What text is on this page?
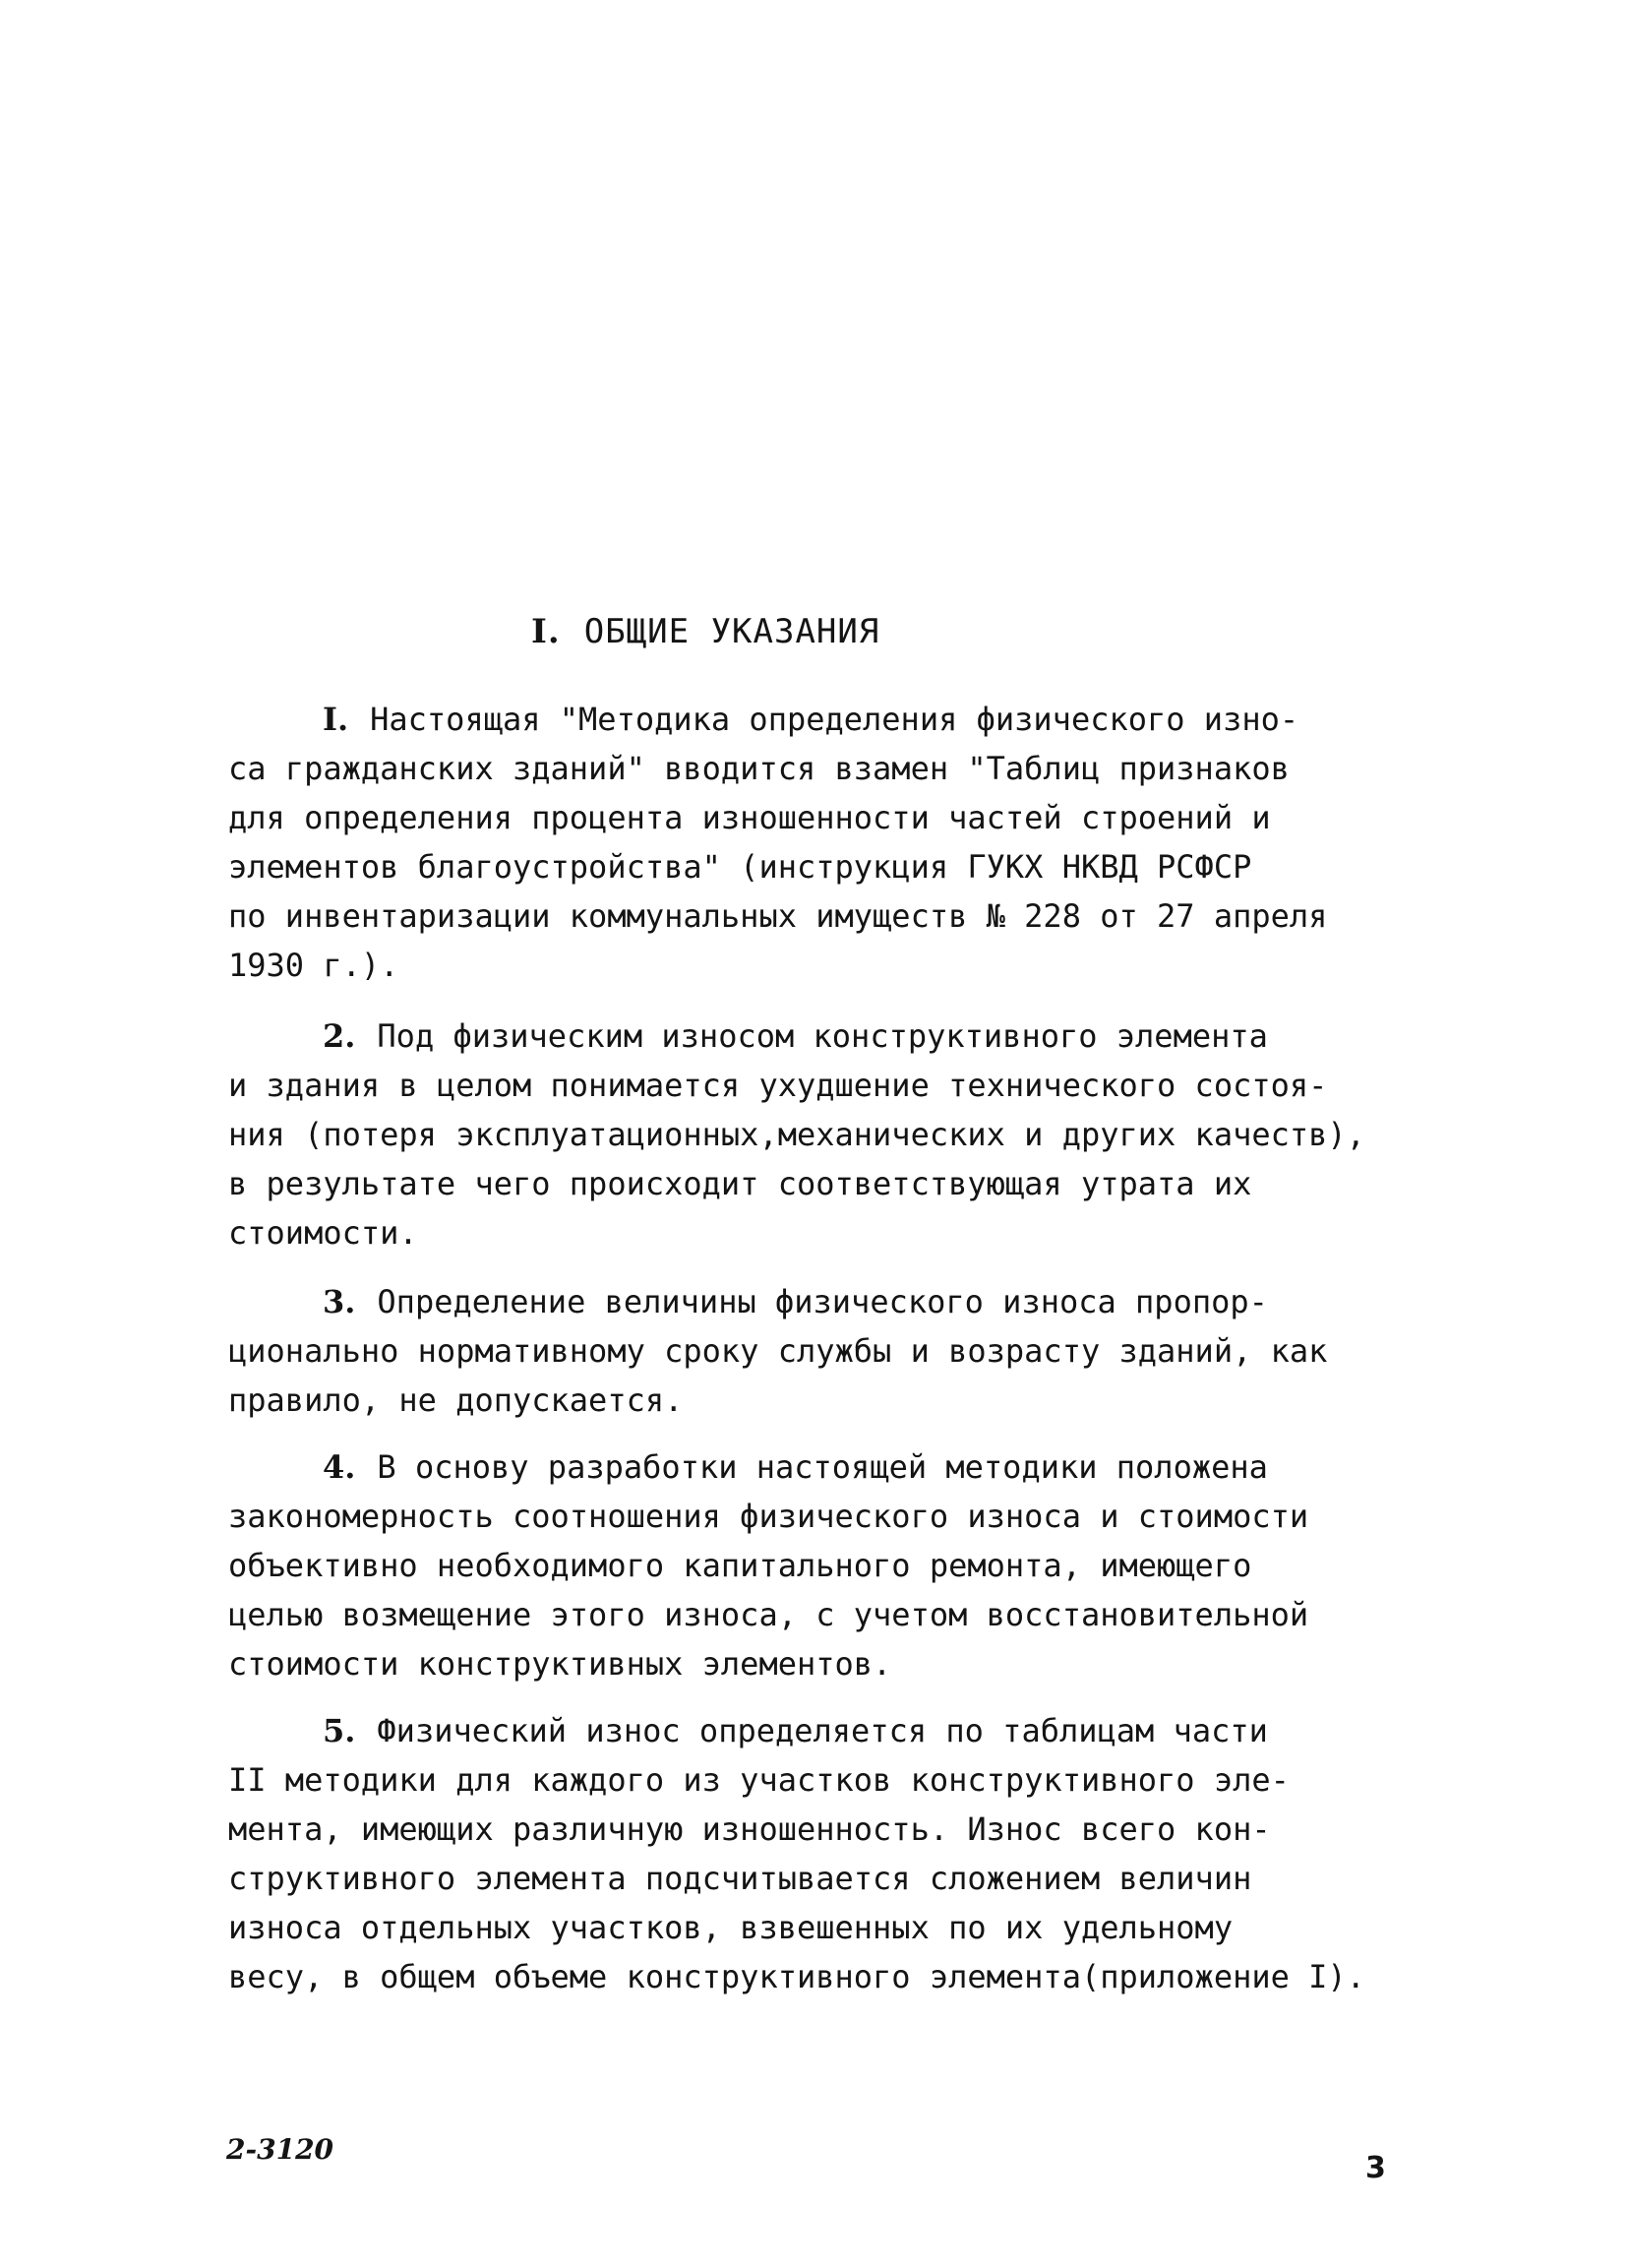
I. ОБЩИЕ УКАЗАНИЯ
I. Настоящая "Методика определения физического изно-
са гражданских зданий" вводится взамен "Таблиц признаков
для определения процента изношенности частей строений и
элементов благоустройства" (инструкция ГУКХ НКВД РСФСР
по инвентаризации коммунальных имуществ № 228 от 27 апреля
1930 г.).
2. Под физическим износом конструктивного элемента
и здания в целом понимается ухудшение технического состоя-
ния (потеря эксплуатационных,механических и других качеств),
в результате чего происходит соответствующая утрата их
стоимости.
3. Определение величины физического износа пропор-
ционально нормативному сроку службы и возрасту зданий, как
правило, не допускается.
4. В основу разработки настоящей методики положена
закономерность соотношения физического износа и стоимости
объективно необходимого капитального ремонта, имеющего
целью возмещение этого износа, с учетом восстановительной
стоимости конструктивных элементов.
5. Физический износ определяется по таблицам части
II методики для каждого из участков конструктивного эле-
мента, имеющих различную изношенность. Износ всего кон-
структивного элемента подсчитывается сложением величин
износа отдельных участков, взвешенных по их удельному
весу, в общем объеме конструктивного элемента(приложение I).
2-3120
3
